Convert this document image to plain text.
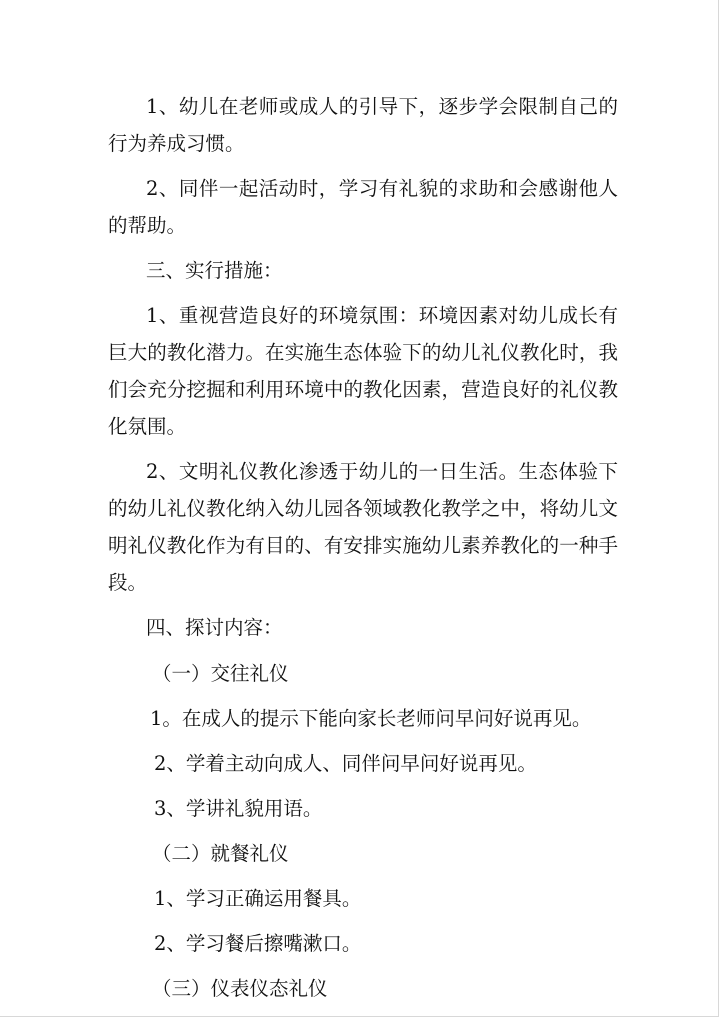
1、幼儿在老师或成人的引导下，逐步学会限制自己的行为养成习惯。

2、同伴一起活动时，学习有礼貌的求助和会感谢他人的帮助。

三、实行措施：

1、重视营造良好的环境氛围：环境因素对幼儿成长有巨大的教化潜力。在实施生态体验下的幼儿礼仪教化时，我们会充分挖掘和利用环境中的教化因素，营造良好的礼仪教化氛围。

2、文明礼仪教化渗透于幼儿的一日生活。生态体验下的幼儿礼仪教化纳入幼儿园各领域教化教学之中，将幼儿文明礼仪教化作为有目的、有安排实施幼儿素养教化的一种手段。

四、探讨内容：

（一）交往礼仪

1。在成人的提示下能向家长老师问早问好说再见。

2、学着主动向成人、同伴问早问好说再见。

3、学讲礼貌用语。

（二）就餐礼仪

1、学习正确运用餐具。

2、学习餐后擦嘴漱口。

（三）仪表仪态礼仪
